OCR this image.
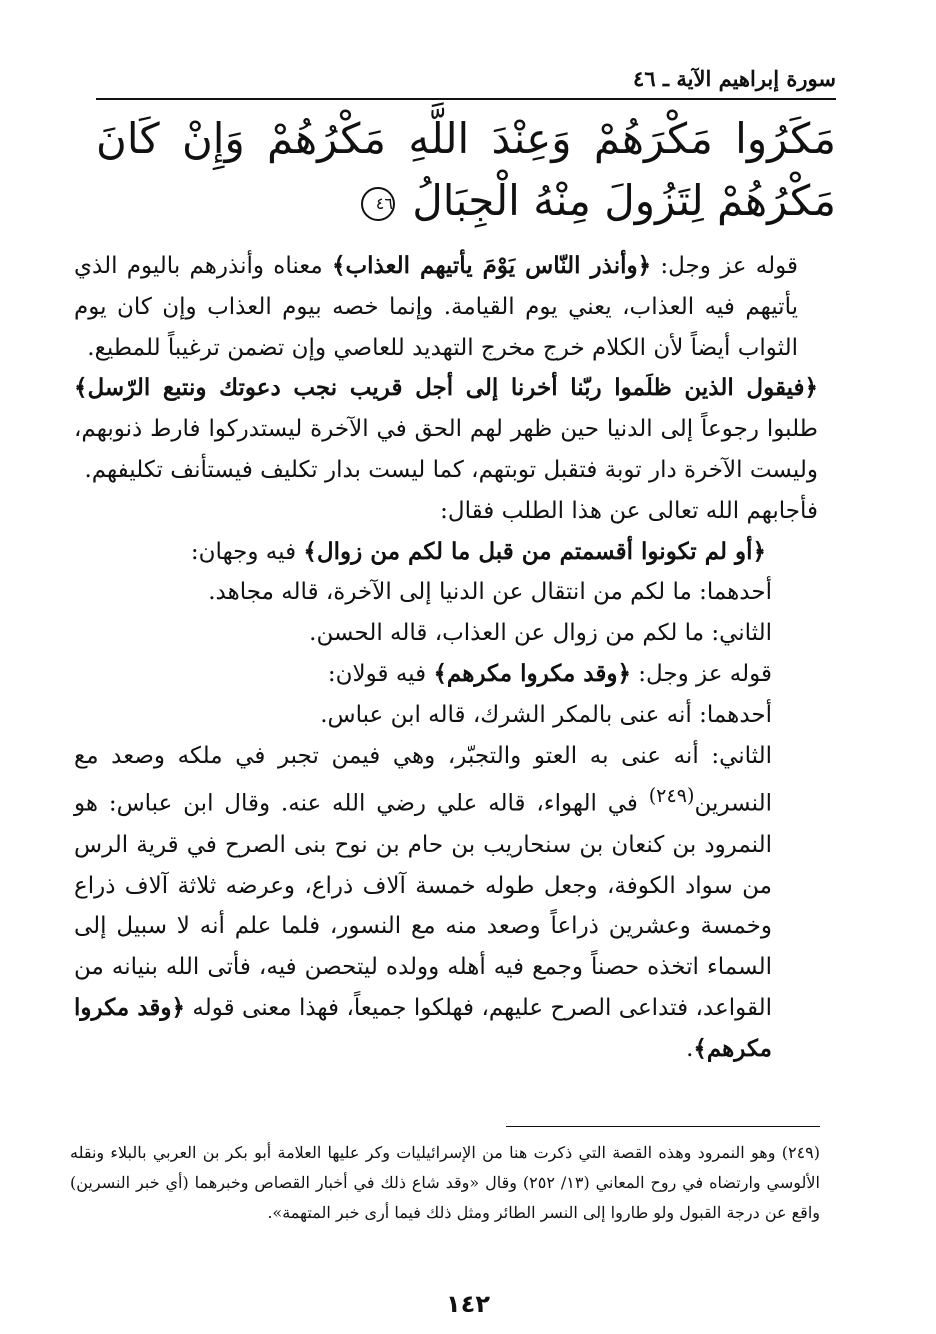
سورة إبراهيم الآية ـ ٤٦
مَكَرُوا مَكْرَهُمْ وَعِنْدَ اللَّهِ مَكْرُهُمْ وَإِنْ كَانَ مَكْرُهُمْ لِتَزُولَ مِنْهُ الْجِبَالُ ٤٦

قوله عز وجل: ﴿وأنذر النّاس يَوْمَ يأتيهم العذاب﴾ معناه وأنذرهم باليوم الذي يأتيهم فيه العذاب، يعني يوم القيامة. وإنما خصه بيوم العذاب وإن كان يوم الثواب أيضاً لأن الكلام خرج مخرج التهديد للعاصي وإن تضمن ترغيباً للمطيع.

﴿فيقول الذين ظلَموا ربّنا أخرنا إلى أجل قريب نجب دعوتك ونتبع الرّسل﴾ طلبوا رجوعاً إلى الدنيا حين ظهر لهم الحق في الآخرة ليستدركوا فارط ذنوبهم، وليست الآخرة دار توبة فتقبل توبتهم، كما ليست بدار تكليف فيستأنف تكليفهم.

فأجابهم الله تعالى عن هذا الطلب فقال:

﴿أو لم تكونوا أقسمتم من قبل ما لكم من زوال﴾ فيه وجهان:

أحدهما: ما لكم من انتقال عن الدنيا إلى الآخرة، قاله مجاهد.

الثاني: ما لكم من زوال عن العذاب، قاله الحسن.

قوله عز وجل: ﴿وقد مكروا مكرهم﴾ فيه قولان:

أحدهما: أنه عنى بالمكر الشرك، قاله ابن عباس.

الثاني: أنه عنى به العتو والتجبّر، وهي فيمن تجبر في ملكه وصعد مع النسرين$^{(٢٤٩)}$ في الهواء، قاله علي رضي الله عنه. وقال ابن عباس: هو النمرود بن كنعان بن سنحاريب بن حام بن نوح بنى الصرح في قرية الرس من سواد الكوفة، وجعل طوله خمسة آلاف ذراع، وعرضه ثلاثة آلاف ذراع وخمسة وعشرين ذراعاً وصعد منه مع النسور، فلما علم أنه لا سبيل إلى السماء اتخذه حصناً وجمع فيه أهله وولده ليتحصن فيه، فأتى الله بنيانه من القواعد، فتداعى الصرح عليهم، فهلكوا جميعاً، فهذا معنى قوله ﴿وقد مكروا مكرهم﴾.

(٢٤٩) وهو النمرود وهذه القصة التي ذكرت هنا من الإسرائيليات وكر عليها العلامة أبو بكر بن العربي بالبلاء ونقله الألوسي وارتضاه في روح المعاني (١٣/ ٢٥٢) وقال «وقد شاع ذلك في أخبار القصاص وخبرهما (أي خبر النسرين) واقع عن درجة القبول ولو طاروا إلى النسر الطائر ومثل ذلك فيما أرى خبر المتهمة».

١٤٢
